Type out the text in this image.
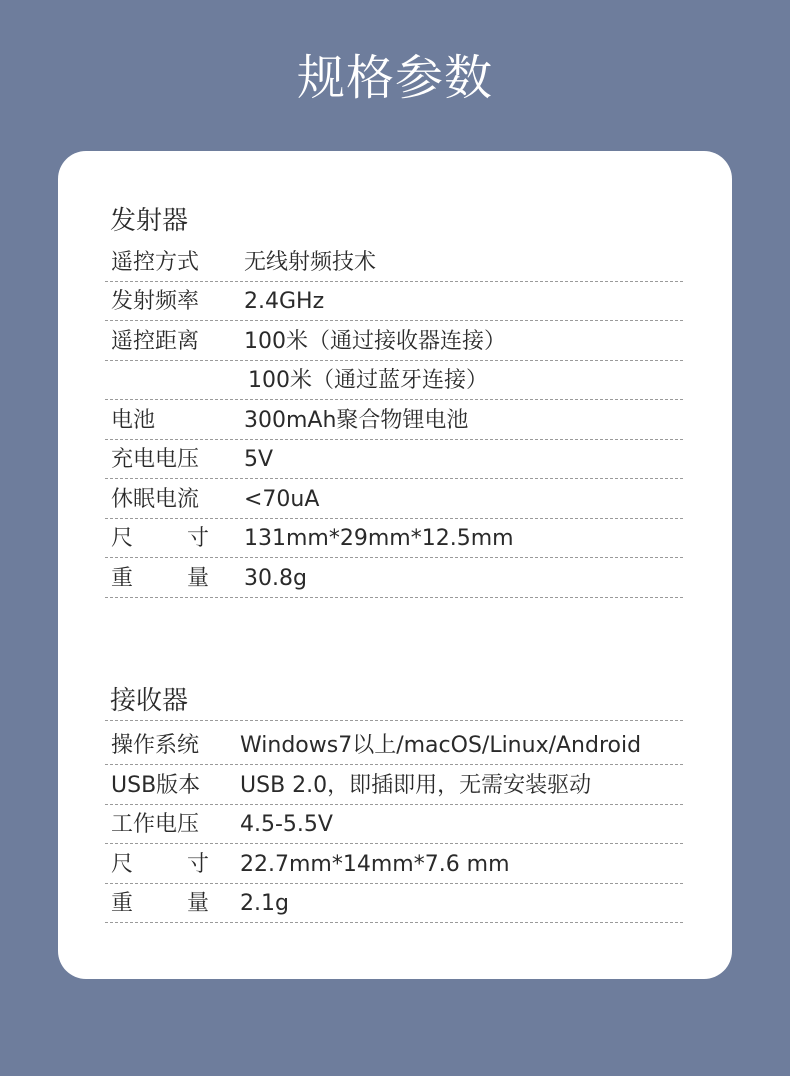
规格参数
发射器
遥控方式	无线射频技术
发射频率	2.4GHz
遥控距离	100米（通过接收器连接）
100米（通过蓝牙连接）
电池	300mAh聚合物锂电池
充电电压	5V
休眠电流	<70uA
尺 寸 131mm*29mm*12.5mm
重 量 30.8g
接收器
操作系统	Windows7以上/macOS/Linux/Android
USB版本	USB 2.0，即插即用，无需安装驱动
工作电压	4.5-5.5V
尺 寸 22.7mm*14mm*7.6 mm
重 量 2.1g
